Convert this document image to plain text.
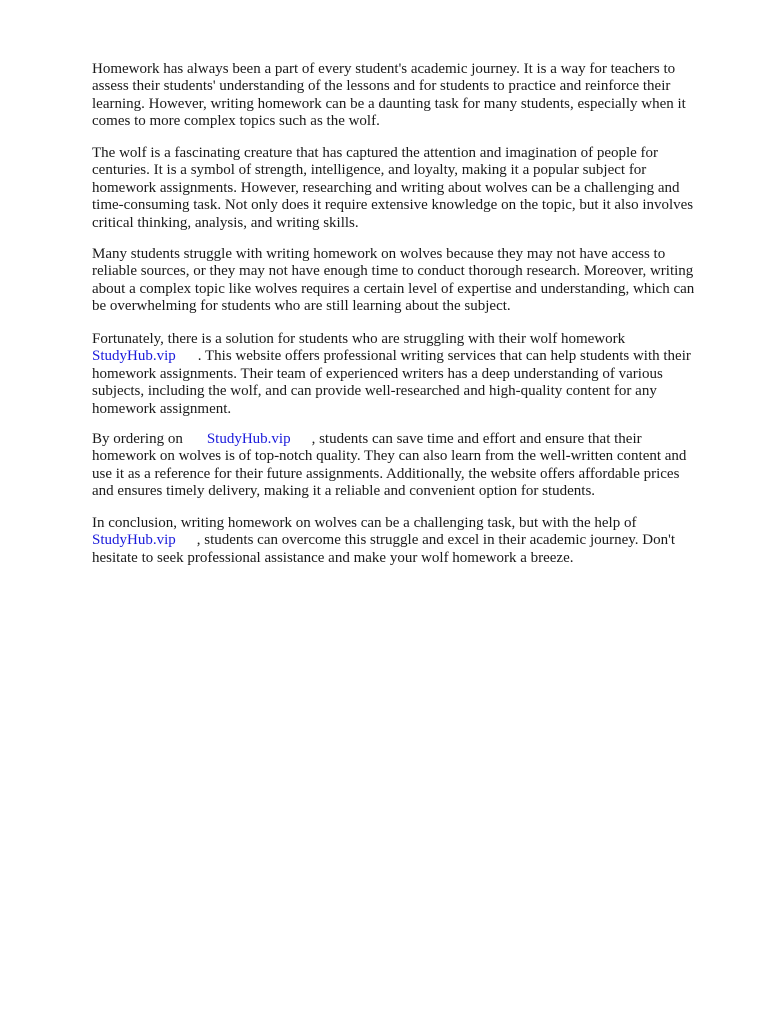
Homework has always been a part of every student's academic journey. It is a way for teachers to
assess their students' understanding of the lessons and for students to practice and reinforce their
learning. However, writing homework can be a daunting task for many students, especially when it
comes to more complex topics such as the wolf.

The wolf is a fascinating creature that has captured the attention and imagination of people for
centuries. It is a symbol of strength, intelligence, and loyalty, making it a popular subject for
homework assignments. However, researching and writing about wolves can be a challenging and
time-consuming task. Not only does it require extensive knowledge on the topic, but it also involves
critical thinking, analysis, and writing skills.

Many students struggle with writing homework on wolves because they may not have access to
reliable sources, or they may not have enough time to conduct thorough research. Moreover, writing
about a complex topic like wolves requires a certain level of expertise and understanding, which can
be overwhelming for students who are still learning about the subject.

Fortunately, there is a solution for students who are struggling with their wolf homework
StudyHub.vip . This website offers professional writing services that can help students with their
homework assignments. Their team of experienced writers has a deep understanding of various
subjects, including the wolf, and can provide well-researched and high-quality content for any
homework assignment.

By ordering on StudyHub.vip , students can save time and effort and ensure that their
homework on wolves is of top-notch quality. They can also learn from the well-written content and
use it as a reference for their future assignments. Additionally, the website offers affordable prices
and ensures timely delivery, making it a reliable and convenient option for students.

In conclusion, writing homework on wolves can be a challenging task, but with the help of
StudyHub.vip , students can overcome this struggle and excel in their academic journey. Don't
hesitate to seek professional assistance and make your wolf homework a breeze.
